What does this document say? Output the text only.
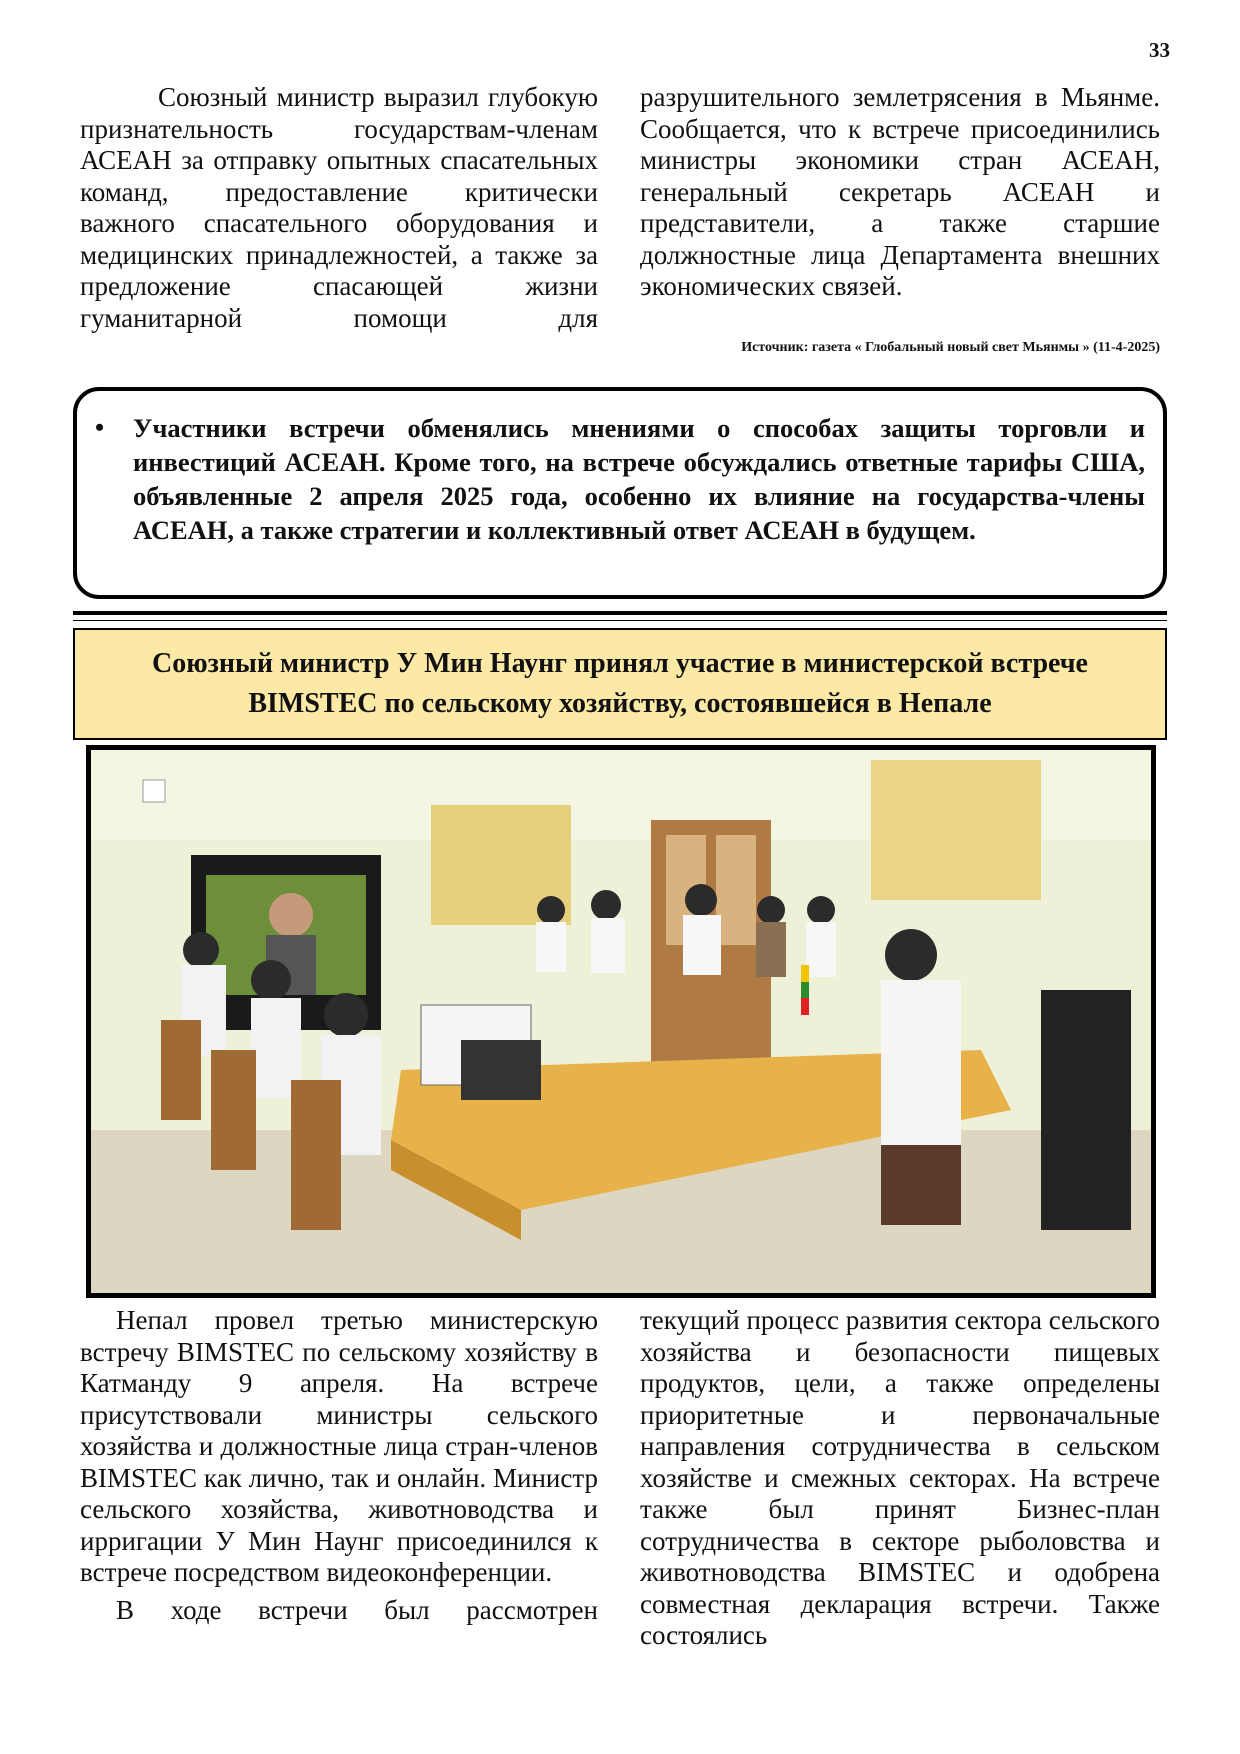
33

Союзный министр выразил глубокую признательность государствам-членам АСЕАН за отправку опытных спасательных команд, предоставление критически важного спасательного оборудования и медицинских принадлежностей, а также за предложение спасающей жизни гуманитарной помощи для

разрушительного землетрясения в Мьянме. Сообщается, что к встрече присоединились министры экономики стран АСЕАН, генеральный секретарь АСЕАН и представители, а также старшие должностные лица Департамента внешних экономических связей.

Источник: газета « Глобальный новый свет Мьянмы » (11-4-2025)
• Участники встречи обменялись мнениями о способах защиты торговли и инвестиций АСЕАН. Кроме того, на встрече обсуждались ответные тарифы США, объявленные 2 апреля 2025 года, особенно их влияние на государства-члены АСЕАН, а также стратегии и коллективный ответ АСЕАН в будущем.
Союзный министр У Мин Наунг принял участие в министерской встрече BIMSTEC по сельскому хозяйству, состоявшейся в Непале

Непал провел третью министерскую встречу BIMSTEC по сельскому хозяйству в Катманду 9 апреля. На встрече присутствовали министры сельского хозяйства и должностные лица стран-членов BIMSTEC как лично, так и онлайн. Министр сельского хозяйства, животноводства и ирригации У Мин Наунг присоединился к встрече посредством видеоконференции.

В ходе встречи был рассмотрен

текущий процесс развития сектора сельского хозяйства и безопасности пищевых продуктов, цели, а также определены приоритетные и первоначальные направления сотрудничества в сельском хозяйстве и смежных секторах. На встрече также был принят Бизнес-план сотрудничества в секторе рыболовства и животноводства BIMSTEC и одобрена совместная декларация встречи. Также состоялись
